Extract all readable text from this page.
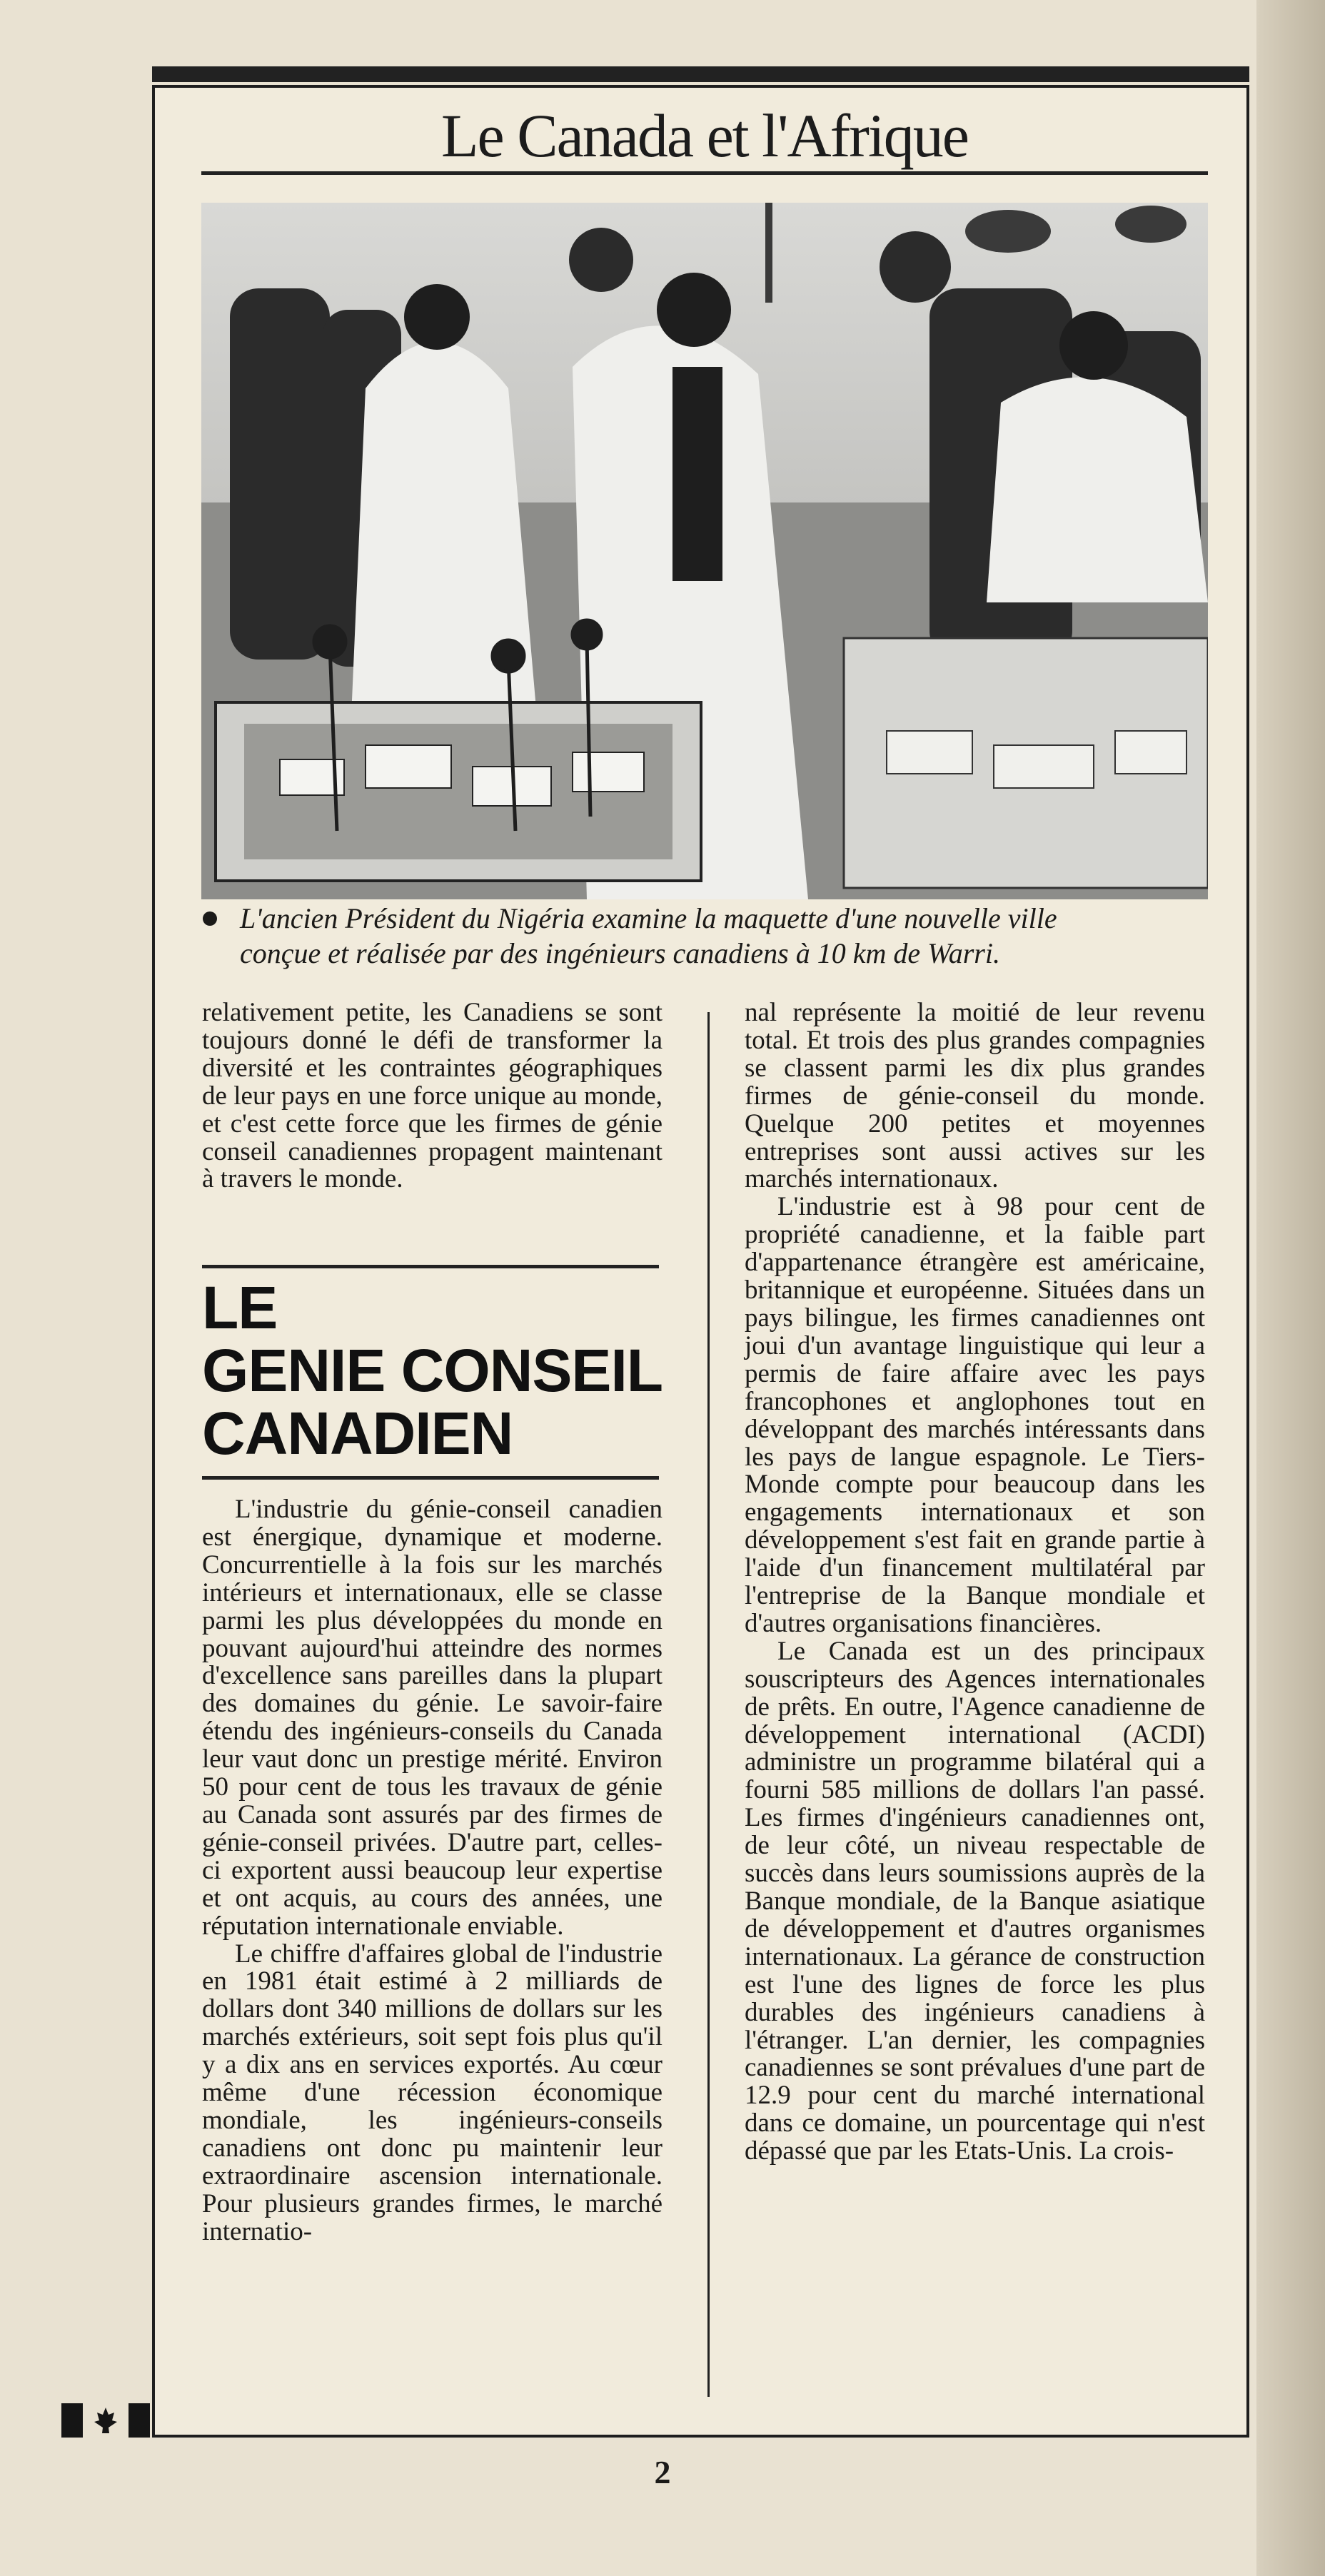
Le Canada et l'Afrique
L'ancien Président du Nigéria examine la maquette d'une nouvelle ville
conçue et réalisée par des ingénieurs canadiens à 10 km de Warri.

relativement petite, les Canadiens se sont toujours donné le défi de transformer la diversité et les contraintes géographiques de leur pays en une force unique au monde, et c'est cette force que les firmes de génie conseil canadiennes propagent maintenant à travers le monde.

LE
GENIE CONSEIL
CANADIEN

L'industrie du génie-conseil canadien est énergique, dynamique et moderne. Concurrentielle à la fois sur les marchés intérieurs et internationaux, elle se classe parmi les plus développées du monde en pouvant aujourd'hui atteindre des normes d'excellence sans pareilles dans la plupart des domaines du génie. Le savoir-faire étendu des ingénieurs-conseils du Canada leur vaut donc un prestige mérité. Environ 50 pour cent de tous les travaux de génie au Canada sont assurés par des firmes de génie-conseil privées. D'autre part, celles-ci exportent aussi beaucoup leur expertise et ont acquis, au cours des années, une réputation internationale enviable.

Le chiffre d'affaires global de l'industrie en 1981 était estimé à 2 milliards de dollars dont 340 millions de dollars sur les marchés extérieurs, soit sept fois plus qu'il y a dix ans en services exportés. Au cœur même d'une récession économique mondiale, les ingénieurs-conseils canadiens ont donc pu maintenir leur extraordinaire ascension internationale. Pour plusieurs grandes firmes, le marché internatio-

nal représente la moitié de leur revenu total. Et trois des plus grandes compagnies se classent parmi les dix plus grandes firmes de génie-conseil du monde. Quelque 200 petites et moyennes entreprises sont aussi actives sur les marchés internationaux.

L'industrie est à 98 pour cent de propriété canadienne, et la faible part d'appartenance étrangère est américaine, britannique et européenne. Situées dans un pays bilingue, les firmes canadiennes ont joui d'un avantage linguistique qui leur a permis de faire affaire avec les pays francophones et anglophones tout en développant des marchés intéressants dans les pays de langue espagnole. Le Tiers-Monde compte pour beaucoup dans les engagements internationaux et son développement s'est fait en grande partie à l'aide d'un financement multilatéral par l'entreprise de la Banque mondiale et d'autres organisations financières.

Le Canada est un des principaux souscripteurs des Agences internationales de prêts. En outre, l'Agence canadienne de développement international (ACDI) administre un programme bilatéral qui a fourni 585 millions de dollars l'an passé. Les firmes d'ingénieurs canadiennes ont, de leur côté, un niveau respectable de succès dans leurs soumissions auprès de la Banque mondiale, de la Banque asiatique de développement et d'autres organismes internationaux. La gérance de construction est l'une des lignes de force les plus durables des ingénieurs canadiens à l'étranger. L'an dernier, les compagnies canadiennes se sont prévalues d'une part de 12.9 pour cent du marché international dans ce domaine, un pourcentage qui n'est dépassé que par les Etats-Unis. La crois-

2
